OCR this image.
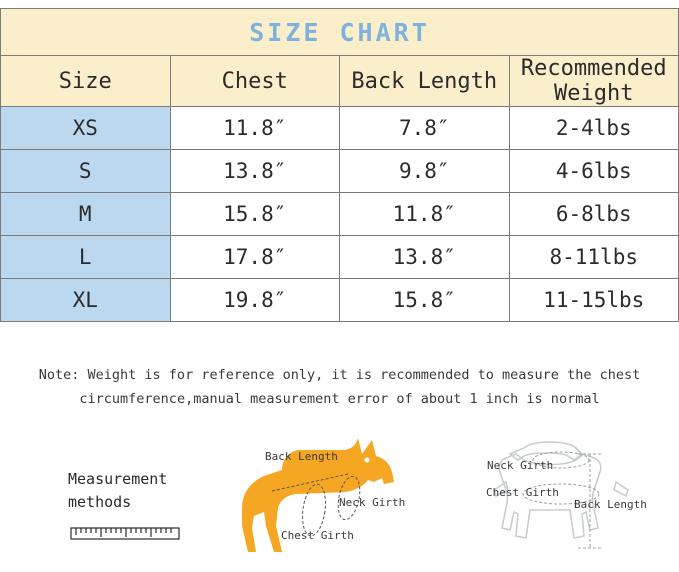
SIZE CHART			
Size	Chest	Back Length	Recommended Weight
XS	11.8″	7.8″	2-4lbs
S	13.8″	9.8″	4-6lbs
M	15.8″	11.8″	6-8lbs
L	17.8″	13.8″	8-11lbs
XL	19.8″	15.8″	11-15lbs
Note: Weight is for reference only, it is recommended to measure the chest
circumference,manual measurement error of about 1 inch is normal
Measurement
methods
Back Length
Neck Girth
Chest Girth
Neck Girth
Chest Girth
Back Length
